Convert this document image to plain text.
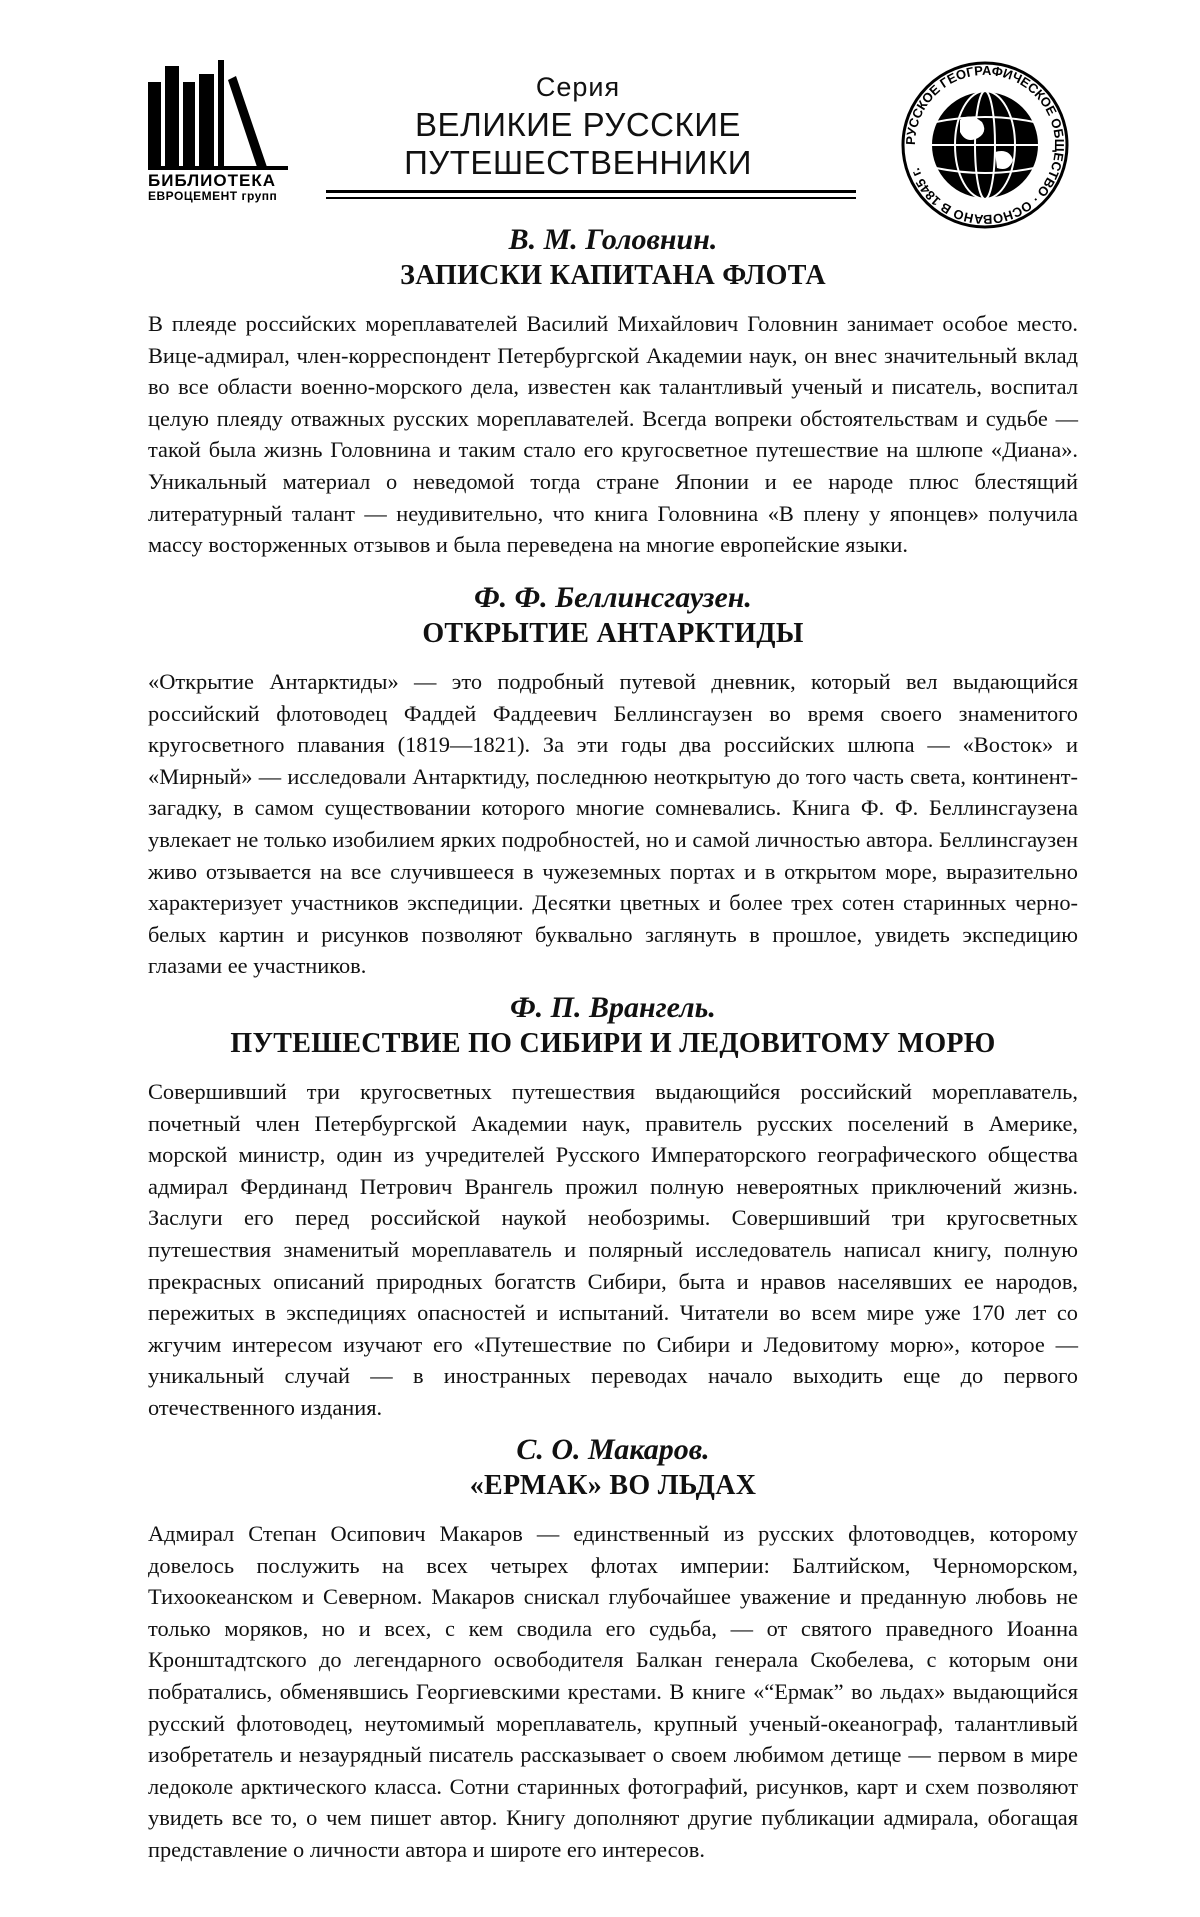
БИБЛИОТЕКА
ЕВРОЦЕМЕНТ групп
Серия
ВЕЛИКИЕ РУССКИЕ
ПУТЕШЕСТВЕННИКИ
РУССКОЕ ГЕОГРАФИЧЕСКОЕ ОБЩЕСТВО · ОСНОВАНО В 1845 г.

В. М. Головнин.

ЗАПИСКИ КАПИТАНА ФЛОТА

В плеяде российских мореплавателей Василий Михайлович Головнин занимает особое место. Вице-адмирал, член-корреспондент Петербургской Академии наук, он внес значительный вклад во все области военно-морского дела, известен как талантливый ученый и писатель, воспитал целую плеяду отважных русских мореплавателей. Всегда вопреки обстоятельствам и судьбе — такой была жизнь Головнина и таким стало его кругосветное путешествие на шлюпе «Диана». Уникальный материал о неведомой тогда стране Японии и ее народе плюс блестящий литературный талант — неудивительно, что книга Головнина «В плену у японцев» получила массу восторженных отзывов и была переведена на многие европейские языки.

Ф. Ф. Беллинсгаузен.

ОТКРЫТИЕ АНТАРКТИДЫ

«Открытие Антарктиды» — это подробный путевой дневник, который вел выдающийся российский флотоводец Фаддей Фаддеевич Беллинсгаузен во время своего знаменитого кругосветного плавания (1819—1821). За эти годы два российских шлюпа — «Восток» и «Мирный» — исследовали Антарктиду, последнюю неоткрытую до того часть света, континент-загадку, в самом существовании которого многие сомневались. Книга Ф. Ф. Беллинсгаузена увлекает не только изобилием ярких подробностей, но и самой личностью автора. Беллинсгаузен живо отзывается на все случившееся в чужеземных портах и в открытом море, выразительно характеризует участников экспедиции. Десятки цветных и более трех сотен старинных черно-белых картин и рисунков позволяют буквально заглянуть в прошлое, увидеть экспедицию глазами ее участников.

Ф. П. Врангель.

ПУТЕШЕСТВИЕ ПО СИБИРИ И ЛЕДОВИТОМУ МОРЮ

Совершивший три кругосветных путешествия выдающийся российский мореплаватель, почетный член Петербургской Академии наук, правитель русских поселений в Америке, морской министр, один из учредителей Русского Императорского географического общества адмирал Фердинанд Петрович Врангель прожил полную невероятных приключений жизнь. Заслуги его перед российской наукой необозримы. Совершивший три кругосветных путешествия знаменитый мореплаватель и полярный исследователь написал книгу, полную прекрасных описаний природных богатств Сибири, быта и нравов населявших ее народов, пережитых в экспедициях опасностей и испытаний. Читатели во всем мире уже 170 лет со жгучим интересом изучают его «Путешествие по Сибири и Ледовитому морю», которое — уникальный случай — в иностранных переводах начало выходить еще до первого отечественного издания.

С. О. Макаров.

«ЕРМАК» ВО ЛЬДАХ

Адмирал Степан Осипович Макаров — единственный из русских флотоводцев, которому довелось послужить на всех четырех флотах империи: Балтийском, Черноморском, Тихоокеанском и Северном. Макаров снискал глубочайшее уважение и преданную любовь не только моряков, но и всех, с кем сводила его судьба, — от святого праведного Иоанна Кронштадтского до легендарного освободителя Балкан генерала Скобелева, с которым они побратались, обменявшись Георгиевскими крестами. В книге «“Ермак” во льдах» выдающийся русский флотоводец, неутомимый мореплаватель, крупный ученый-океанограф, талантливый изобретатель и незаурядный писатель рассказывает о своем любимом детище — первом в мире ледоколе арктического класса. Сотни старинных фотографий, рисунков, карт и схем позволяют увидеть все то, о чем пишет автор. Книгу дополняют другие публикации адмирала, обогащая представление о личности автора и широте его интересов.
